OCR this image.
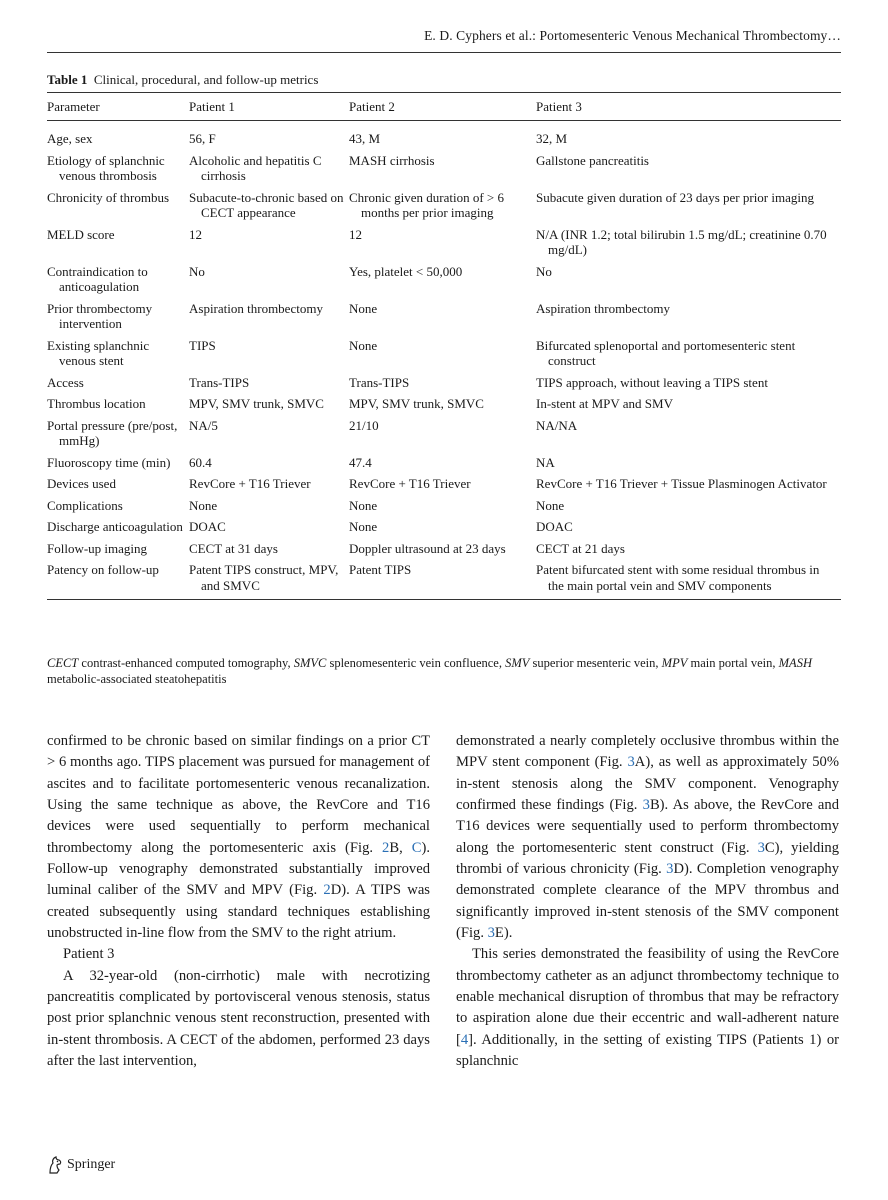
E. D. Cyphers et al.: Portomesenteric Venous Mechanical Thrombectomy…
Table 1 Clinical, procedural, and follow-up metrics
Parameter	Patient 1	Patient 2	Patient 3

Age, sex	56, F	43, M	32, M

Etiology of splanchnic venous thrombosis	Alcoholic and hepatitis C cirrhosis	MASH cirrhosis	Gallstone pancreatitis

Chronicity of thrombus	Subacute-to-chronic based on CECT appearance	Chronic given duration of > 6 months per prior imaging	Subacute given duration of 23 days per prior imaging

MELD score	12	12	N/A (INR 1.2; total bilirubin 1.5 mg/dL; creatinine 0.70 mg/dL)

Contraindication to anticoagulation	No	Yes, platelet < 50,000	No

Prior thrombectomy intervention	Aspiration thrombectomy	None	Aspiration thrombectomy

Existing splanchnic venous stent	TIPS	None	Bifurcated splenoportal and portomesenteric stent construct

Access	Trans-TIPS	Trans-TIPS	TIPS approach, without leaving a TIPS stent

Thrombus location	MPV, SMV trunk, SMVC	MPV, SMV trunk, SMVC	In-stent at MPV and SMV

Portal pressure (pre/post, mmHg)	NA/5	21/10	NA/NA

Fluoroscopy time (min)	60.4	47.4	NA

Devices used	RevCore + T16 Triever	RevCore + T16 Triever	RevCore + T16 Triever + Tissue Plasminogen Activator

Complications	None	None	None

Discharge anticoagulation	DOAC	None	DOAC

Follow-up imaging	CECT at 31 days	Doppler ultrasound at 23 days	CECT at 21 days

Patency on follow-up	Patent TIPS construct, MPV, and SMVC	Patent TIPS	Patent bifurcated stent with some residual thrombus in the main portal vein and SMV components
CECT contrast-enhanced computed tomography, SMVC splenomesenteric vein confluence, SMV superior mesenteric vein, MPV main portal vein, MASH metabolic-associated steatohepatitis

confirmed to be chronic based on similar findings on a prior CT > 6 months ago. TIPS placement was pursued for management of ascites and to facilitate portomesenteric venous recanalization. Using the same technique as above, the RevCore and T16 devices were used sequentially to perform mechanical thrombectomy along the portomesenteric axis (Fig. 2B, C). Follow-up venography demonstrated substantially improved luminal caliber of the SMV and MPV (Fig. 2D). A TIPS was created subsequently using standard techniques establishing unobstructed in-line flow from the SMV to the right atrium.

Patient 3

A 32-year-old (non-cirrhotic) male with necrotizing pancreatitis complicated by portovisceral venous stenosis, status post prior splanchnic venous stent reconstruction, presented with in-stent thrombosis. A CECT of the abdomen, performed 23 days after the last intervention,

demonstrated a nearly completely occlusive thrombus within the MPV stent component (Fig. 3A), as well as approximately 50% in-stent stenosis along the SMV component. Venography confirmed these findings (Fig. 3B). As above, the RevCore and T16 devices were sequentially used to perform thrombectomy along the portomesenteric stent construct (Fig. 3C), yielding thrombi of various chronicity (Fig. 3D). Completion venography demonstrated complete clearance of the MPV thrombus and significantly improved in-stent stenosis of the SMV component (Fig. 3E).

This series demonstrated the feasibility of using the RevCore thrombectomy catheter as an adjunct thrombectomy technique to enable mechanical disruption of thrombus that may be refractory to aspiration alone due their eccentric and wall-adherent nature [4]. Additionally, in the setting of existing TIPS (Patients 1) or splanchnic

Springer
